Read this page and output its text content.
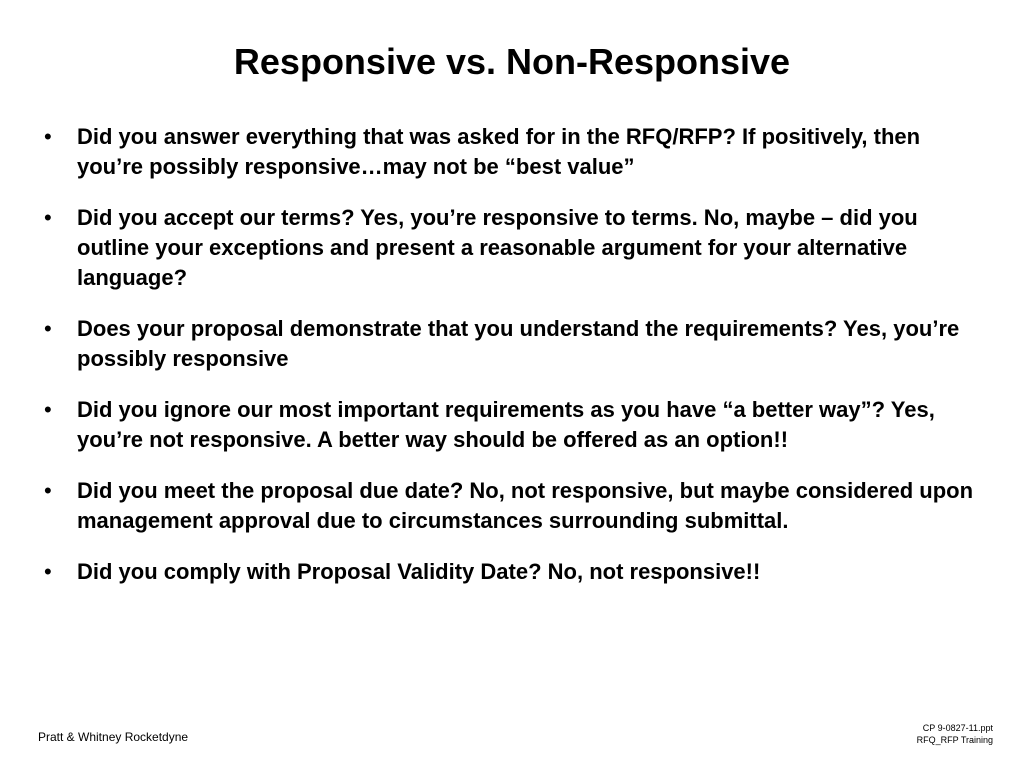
Responsive vs. Non-Responsive
• Did you answer everything that was asked for in the RFQ/RFP? If positively, then you’re possibly responsive…may not be “best value”
• Did you accept our terms? Yes, you’re responsive to terms. No, maybe – did you outline your exceptions and present a reasonable argument for your alternative language?
• Does your proposal demonstrate that you understand the requirements? Yes, you’re possibly responsive
• Did you ignore our most important requirements as you have “a better way”? Yes, you’re not responsive. A better way should be offered as an option!!
• Did you meet the proposal due date? No, not responsive, but maybe considered upon management approval due to circumstances surrounding submittal.
• Did you comply with Proposal Validity Date? No, not responsive!!
Pratt & Whitney Rocketdyne
CP 9-0827-11.ppt
RFQ_RFP Training
